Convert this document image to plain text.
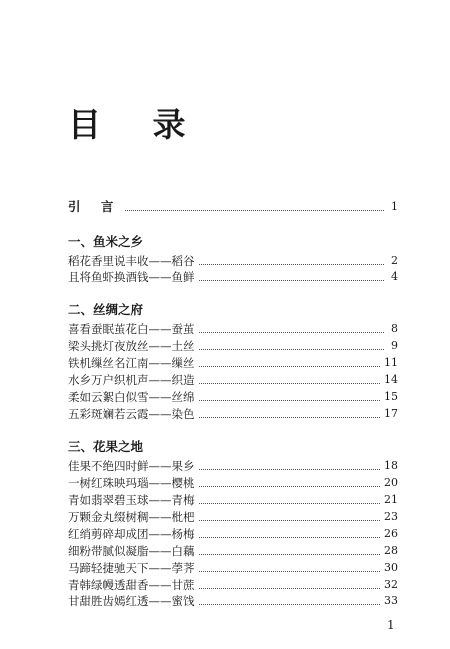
目 录
引 言	1
一、鱼米之乡
稻花香里说丰收——稻谷	2
且将鱼虾换酒钱——鱼鲜	4
二、丝绸之府
喜看蚕眠茧花白——蚕茧	8
梁头挑灯夜放丝——土丝	9
铁机缫丝名江南——缫丝	11
水乡万户织机声——织造	14
柔如云絮白似雪——丝绵	15
五彩斑斓若云霞——染色	17
三、花果之地
佳果不绝四时鲜——果乡	18
一树红珠映玛瑙——樱桃	20
青如翡翠碧玉球——青梅	21
万颗金丸缀树稠——枇杷	23
红绡剪碎却成团——杨梅	26
细粉带腻似凝脂——白藕	28
马蹄轻捷驰天下——荸荠	30
青韩绿幔透甜香——甘蔗	32
甘甜胜齿嫣红透——蜜饯	33
1
